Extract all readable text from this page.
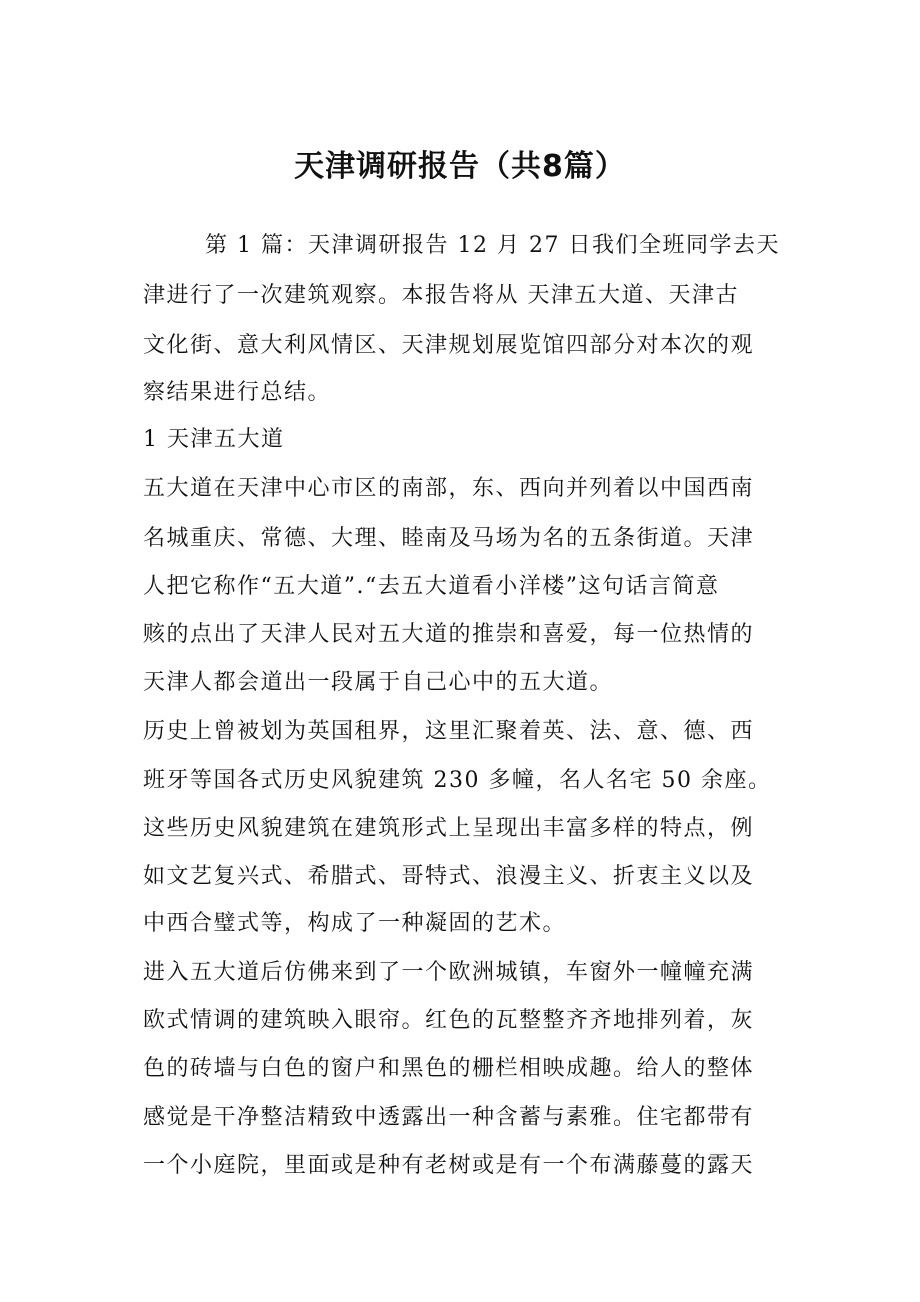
天津调研报告（共8篇）

第 1 篇：天津调研报告 12 月 27 日我们全班同学去天

津进行了一次建筑观察。本报告将从 天津五大道、天津古

文化街、意大利风情区、天津规划展览馆四部分对本次的观

察结果进行总结。

1 天津五大道

五大道在天津中心市区的南部，东、西向并列着以中国西南

名城重庆、常德、大理、睦南及马场为名的五条街道。天津

人把它称作“五大道”.“去五大道看小洋楼”这句话言简意

赅的点出了天津人民对五大道的推崇和喜爱，每一位热情的

天津人都会道出一段属于自己心中的五大道。

历史上曾被划为英国租界，这里汇聚着英、法、意、德、西

班牙等国各式历史风貌建筑 230 多幢，名人名宅 50 余座。

这些历史风貌建筑在建筑形式上呈现出丰富多样的特点，例

如文艺复兴式、希腊式、哥特式、浪漫主义、折衷主义以及

中西合璧式等，构成了一种凝固的艺术。

进入五大道后仿佛来到了一个欧洲城镇，车窗外一幢幢充满

欧式情调的建筑映入眼帘。红色的瓦整整齐齐地排列着，灰

色的砖墙与白色的窗户和黑色的栅栏相映成趣。给人的整体

感觉是干净整洁精致中透露出一种含蓄与素雅。住宅都带有

一个小庭院，里面或是种有老树或是有一个布满藤蔓的露天
